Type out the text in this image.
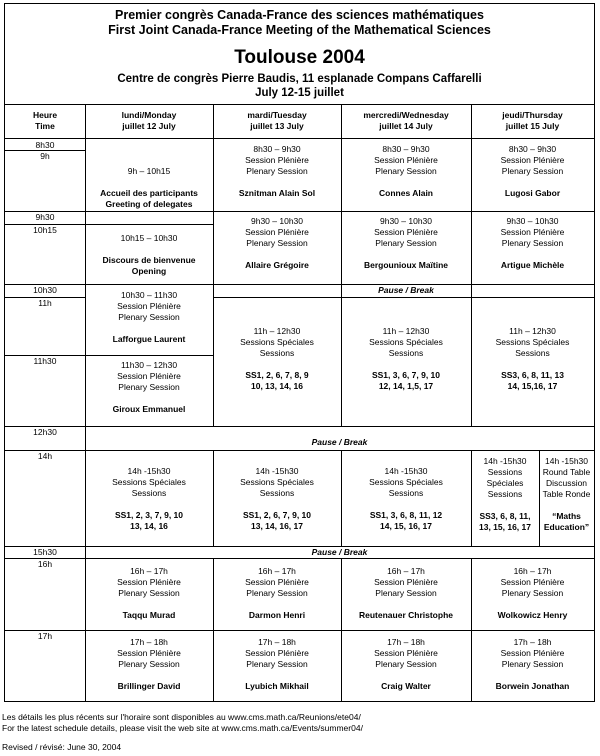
Premier congrès Canada-France des sciences mathématiques
First Joint Canada-France Meeting of the Mathematical Sciences
Toulouse 2004
Centre de congrès Pierre Baudis, 11 esplanade Compans Caffarelli
July 12-15 juillet
Heure
Time
lundi/Monday
juillet 12 July
mardi/Tuesday
juillet 13 July
mercredi/Wednesday
juillet 14 July
jeudi/Thursday
juillet 15 July
8h30
9h
9h30
10h15
10h30
11h
11h30
12h30
14h
15h30
16h
17h
9h – 10h15
Accueil des participants
Greeting of delegates
10h15 – 10h30
Discours de bienvenue
Opening
10h30 – 11h30
Session Plénière
Plenary Session
Lafforgue Laurent
11h30 – 12h30
Session Plénière
Plenary Session
Giroux Emmanuel
14h -15h30
Sessions Spéciales
Sessions
SS1, 2, 3, 7, 9, 10
13, 14, 16
16h – 17h
Session Plénière
Plenary Session
Taqqu Murad
17h – 18h
Session Plénière
Plenary Session
Brillinger David
8h30 – 9h30
Session Plénière
Plenary Session
Sznitman Alain Sol
9h30 – 10h30
Session Plénière
Plenary Session
Allaire Grégoire
11h – 12h30
Sessions Spéciales
Sessions
SS1, 2, 6, 7, 8, 9
10, 13, 14, 16
14h -15h30
Sessions Spéciales
Sessions
SS1, 2, 6, 7, 9, 10
13, 14, 16, 17
16h – 17h
Session Plénière
Plenary Session
Darmon Henri
17h – 18h
Session Plénière
Plenary Session
Lyubich Mikhail
8h30 – 9h30
Session Plénière
Plenary Session
Connes Alain
9h30 – 10h30
Session Plénière
Plenary Session
Bergounioux Maïtine
11h – 12h30
Sessions Spéciales
Sessions
SS1, 3, 6, 7, 9, 10
12, 14, 1,5, 17
14h -15h30
Sessions Spéciales
Sessions
SS1, 3, 6, 8, 11, 12
14, 15, 16, 17
16h – 17h
Session Plénière
Plenary Session
Reutenauer Christophe
17h – 18h
Session Plénière
Plenary Session
Craig Walter
8h30 – 9h30
Session Plénière
Plenary Session
Lugosi Gabor
9h30 – 10h30
Session Plénière
Plenary Session
Artigue Michèle
11h – 12h30
Sessions Spéciales
Sessions
SS3, 6, 8, 11, 13
14, 15,16, 17
14h -15h30
Sessions
Spéciales
Sessions
SS3, 6, 8, 11,
13, 15, 16, 17
14h -15h30
Round Table
Discussion
Table Ronde
“Maths
Education”
16h – 17h
Session Plénière
Plenary Session
Wolkowicz Henry
17h – 18h
Session Plénière
Plenary Session
Borwein Jonathan
Pause / Break
Pause / Break
Pause / Break
Les détails les plus récents sur l'horaire sont disponibles au www.cms.math.ca/Reunions/ete04/
For the latest schedule details, please visit the web site at www.cms.math.ca/Events/summer04/
Revised / révisé: June 30, 2004
